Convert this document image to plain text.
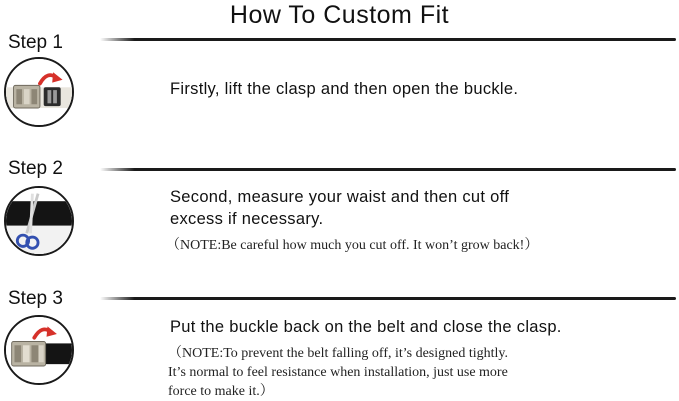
How To Custom Fit
Step 1
Firstly, lift the clasp and then open the buckle.
Step 2
Second, measure your waist and then cut off
excess if necessary.
（NOTE:Be careful how much you cut off. It won’t grow back!）
Step 3
Put the buckle back on the belt and close the clasp.
（NOTE:To prevent the belt falling off, it’s designed tightly.
It’s normal to feel resistance when installation, just use more
force to make it.）
